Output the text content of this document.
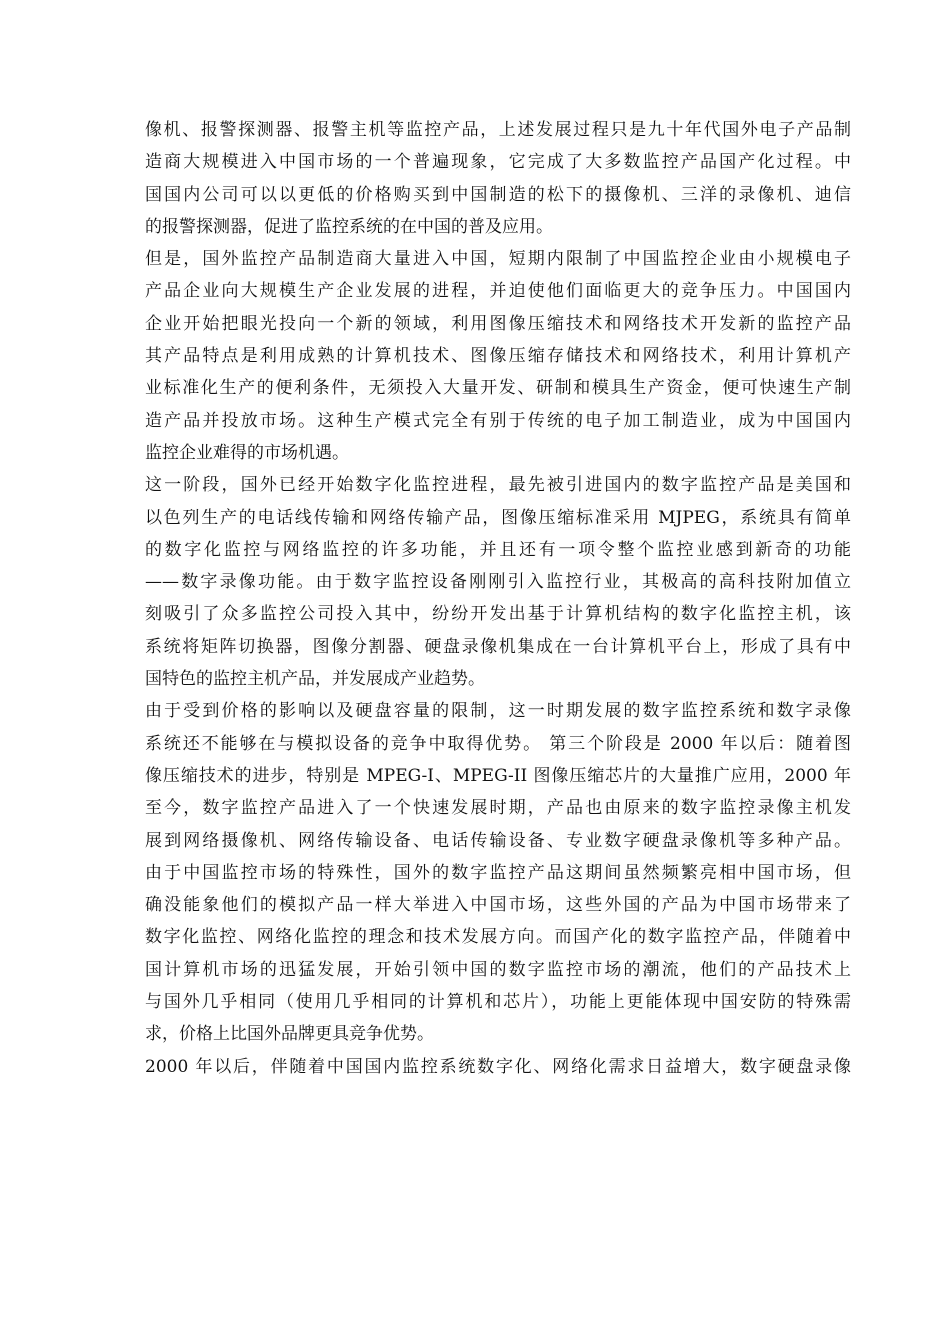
像机、报警探测器、报警主机等监控产品，上述发展过程只是九十年代国外电子产品制
造商大规模进入中国市场的一个普遍现象，它完成了大多数监控产品国产化过程。中
国国内公司可以以更低的价格购买到中国制造的松下的摄像机、三洋的录像机、迪信
的报警探测器，促进了监控系统的在中国的普及应用。
但是，国外监控产品制造商大量进入中国，短期内限制了中国监控企业由小规模电子
产品企业向大规模生产企业发展的进程，并迫使他们面临更大的竞争压力。中国国内
企业开始把眼光投向一个新的领域，利用图像压缩技术和网络技术开发新的监控产品
其产品特点是利用成熟的计算机技术、图像压缩存储技术和网络技术，利用计算机产
业标准化生产的便利条件，无须投入大量开发、研制和模具生产资金，便可快速生产制
造产品并投放市场。这种生产模式完全有别于传统的电子加工制造业，成为中国国内
监控企业难得的市场机遇。
这一阶段，国外已经开始数字化监控进程，最先被引进国内的数字监控产品是美国和
以色列生产的电话线传输和网络传输产品，图像压缩标准采用 MJPEG，系统具有简单
的数字化监控与网络监控的许多功能，并且还有一项令整个监控业感到新奇的功能
——数字录像功能。由于数字监控设备刚刚引入监控行业，其极高的高科技附加值立
刻吸引了众多监控公司投入其中，纷纷开发出基于计算机结构的数字化监控主机，该
系统将矩阵切换器，图像分割器、硬盘录像机集成在一台计算机平台上，形成了具有中
国特色的监控主机产品，并发展成产业趋势。
由于受到价格的影响以及硬盘容量的限制，这一时期发展的数字监控系统和数字录像
系统还不能够在与模拟设备的竞争中取得优势。 第三个阶段是 2000 年以后：随着图
像压缩技术的进步，特别是 MPEG-I、MPEG-II 图像压缩芯片的大量推广应用，2000 年
至今，数字监控产品进入了一个快速发展时期，产品也由原来的数字监控录像主机发
展到网络摄像机、网络传输设备、电话传输设备、专业数字硬盘录像机等多种产品。
由于中国监控市场的特殊性，国外的数字监控产品这期间虽然频繁亮相中国市场，但
确没能象他们的模拟产品一样大举进入中国市场，这些外国的产品为中国市场带来了
数字化监控、网络化监控的理念和技术发展方向。而国产化的数字监控产品，伴随着中
国计算机市场的迅猛发展，开始引领中国的数字监控市场的潮流，他们的产品技术上
与国外几乎相同（使用几乎相同的计算机和芯片），功能上更能体现中国安防的特殊需
求，价格上比国外品牌更具竞争优势。
2000 年以后，伴随着中国国内监控系统数字化、网络化需求日益增大，数字硬盘录像
